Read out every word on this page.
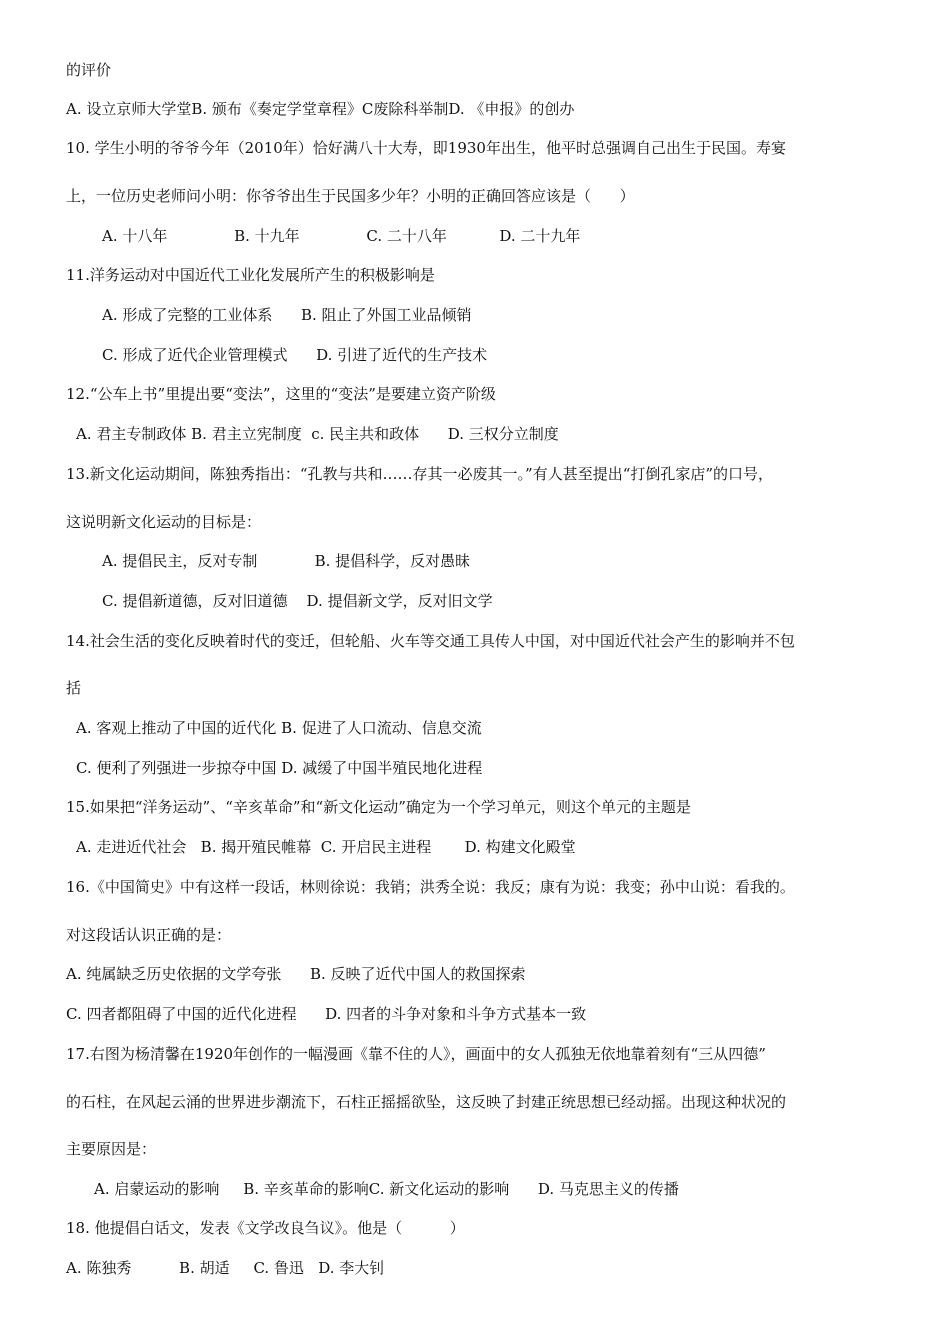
的评价
A. 设立京师大学堂B. 颁布《奏定学堂章程》C废除科举制D. 《申报》的创办
10. 学生小明的爷爷今年（2010年）恰好满八十大寿，即1930年出生，他平时总强调自己出生于民国。寿宴
上，一位历史老师问小明：你爷爷出生于民国多少年？小明的正确回答应该是（      ）
A. 十八年              B. 十九年              C. 二十八年           D. 二十九年
11.洋务运动对中国近代工业化发展所产生的积极影响是
A. 形成了完整的工业体系      B. 阻止了外国工业品倾销
C. 形成了近代企业管理模式      D. 引进了近代的生产技术
12.“公车上书”里提出要“变法”，这里的“变法”是要建立资产阶级
A. 君主专制政体 B. 君主立宪制度  c. 民主共和政体      D. 三权分立制度
13.新文化运动期间，陈独秀指出：“孔教与共和……存其一必废其一。”有人甚至提出“打倒孔家店”的口号，
这说明新文化运动的目标是：
A. 提倡民主，反对专制            B. 提倡科学，反对愚昧
C. 提倡新道德，反对旧道德    D. 提倡新文学，反对旧文学
14.社会生活的变化反映着时代的变迁，但轮船、火车等交通工具传人中国，对中国近代社会产生的影响并不包
括
A. 客观上推动了中国的近代化 B. 促进了人口流动、信息交流
C. 便利了列强进一步掠夺中国 D. 减缓了中国半殖民地化进程
15.如果把“洋务运动”、“辛亥革命”和“新文化运动”确定为一个学习单元，则这个单元的主题是
A. 走进近代社会   B. 揭开殖民帷幕  C. 开启民主进程       D. 构建文化殿堂
16.《中国简史》中有这样一段话，林则徐说：我销；洪秀全说：我反；康有为说：我变；孙中山说：看我的。
对这段话认识正确的是：
A. 纯属缺乏历史依据的文学夸张      B. 反映了近代中国人的救国探索
C. 四者都阻碍了中国的近代化进程      D. 四者的斗争对象和斗争方式基本一致
17.右图为杨清馨在1920年创作的一幅漫画《靠不住的人》，画面中的女人孤独无依地靠着刻有“三从四德”
的石柱，在风起云涌的世界进步潮流下，石柱正摇摇欲坠，这反映了封建正统思想已经动摇。出现这种状况的
主要原因是：
A. 启蒙运动的影响     B. 辛亥革命的影响C. 新文化运动的影响      D. 马克思主义的传播
18. 他提倡白话文，发表《文学改良刍议》。他是（          ）
A. 陈独秀          B. 胡适     C. 鲁迅   D. 李大钊
